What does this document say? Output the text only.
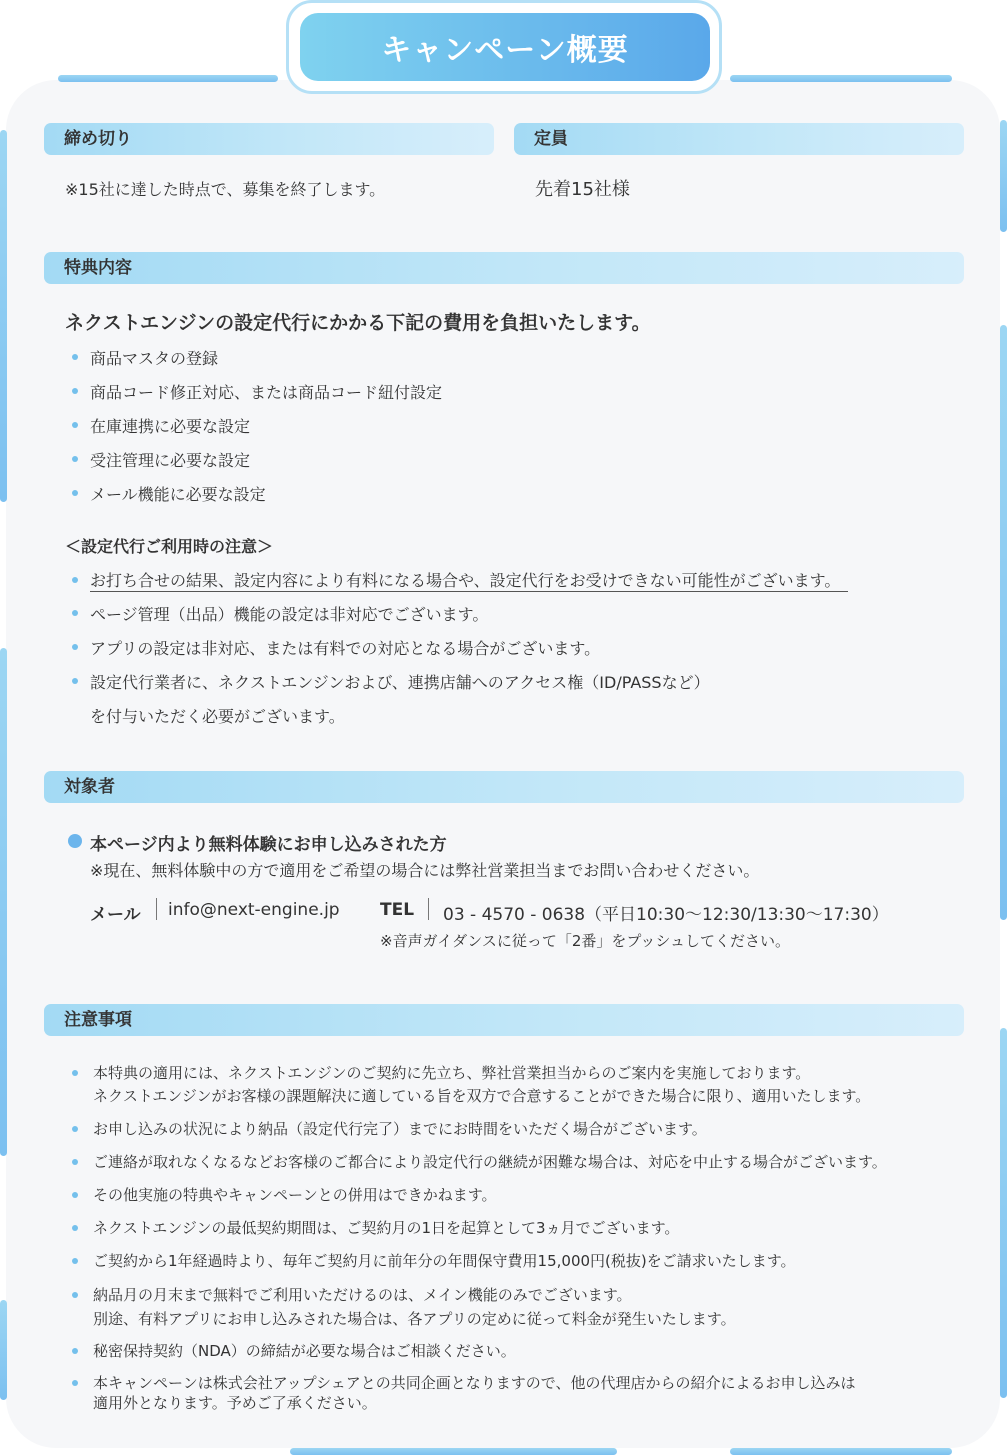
キャンペーン概要
締め切り
※15社に達した時点で、募集を終了します。
定員
先着15社様
特典内容
ネクストエンジンの設定代行にかかる下記の費用を負担いたします。
商品マスタの登録
商品コード修正対応、または商品コード紐付設定
在庫連携に必要な設定
受注管理に必要な設定
メール機能に必要な設定
＜設定代行ご利用時の注意＞
お打ち合せの結果、設定内容により有料になる場合や、設定代行をお受けできない可能性がございます。
ページ管理（出品）機能の設定は非対応でございます。
アプリの設定は非対応、または有料での対応となる場合がございます。
設定代行業者に、ネクストエンジンおよび、連携店舗へのアクセス権（ID/PASSなど）
を付与いただく必要がございます。
対象者
本ページ内より無料体験にお申し込みされた方
※現在、無料体験中の方で適用をご希望の場合には弊社営業担当までお問い合わせください。
メール info@next-engine.jp TEL 03 - 4570 - 0638（平日10:30〜12:30/13:30〜17:30）
※音声ガイダンスに従って「2番」をプッシュしてください。
注意事項
本特典の適用には、ネクストエンジンのご契約に先立ち、弊社営業担当からのご案内を実施しております。
ネクストエンジンがお客様の課題解決に適している旨を双方で合意することができた場合に限り、適用いたします。
お申し込みの状況により納品（設定代行完了）までにお時間をいただく場合がございます。
ご連絡が取れなくなるなどお客様のご都合により設定代行の継続が困難な場合は、対応を中止する場合がございます。
その他実施の特典やキャンペーンとの併用はできかねます。
ネクストエンジンの最低契約期間は、ご契約月の1日を起算として3ヵ月でございます。
ご契約から1年経過時より、毎年ご契約月に前年分の年間保守費用15,000円(税抜)をご請求いたします。
納品月の月末まで無料でご利用いただけるのは、メイン機能のみでございます。
別途、有料アプリにお申し込みされた場合は、各アプリの定めに従って料金が発生いたします。
秘密保持契約（NDA）の締結が必要な場合はご相談ください。
本キャンペーンは株式会社アップシェアとの共同企画となりますので、他の代理店からの紹介によるお申し込みは
適用外となります。予めご了承ください。
